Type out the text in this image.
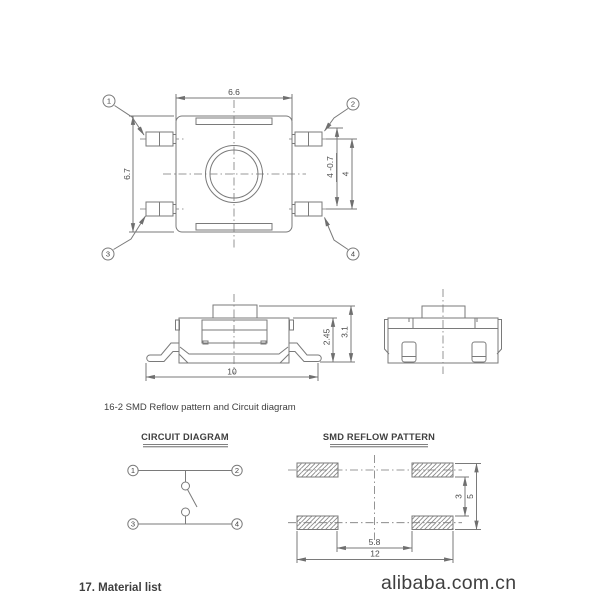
6.6
6.7	4 -0.7 4
1	2
3	4
10
2.45 3.1
16-2 SMD Reflow pattern and Circuit diagram
CIRCUIT DIAGRAM
1	2
3	4
SMD REFLOW PATTERN
3 5
5.8
12
17. Material list	alibaba.com.cn
